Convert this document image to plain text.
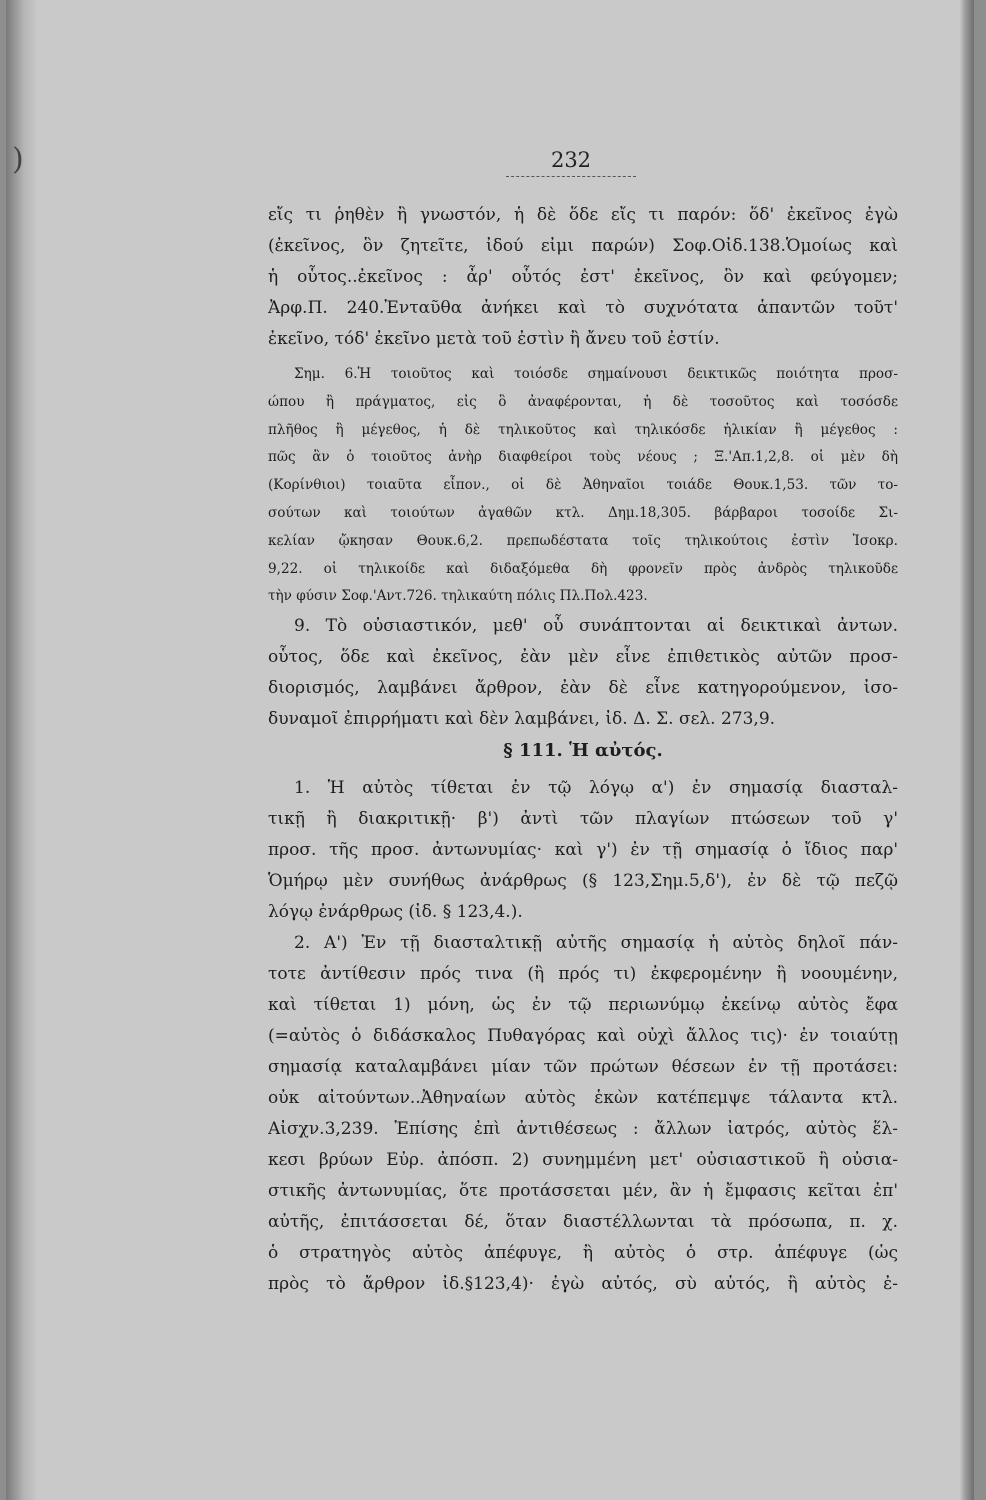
)	232
εἴς τι ῥηθὲν ἢ γνωστόν, ἡ δὲ ὅδε εἴς τι παρόν: ὅδ' ἐκεῖνος ἐγὼ
(ἐκεῖνος, ὃν ζητεῖτε, ἰδού εἰμι παρών) Σοφ.Οἰδ.138.Ὁμοίως καὶ
ἡ οὗτος..ἐκεῖνος : ἆρ' οὗτός ἐστ' ἐκεῖνος, ὃν καὶ φεύγομεν;
Ἀρφ.Π. 240.Ἐνταῦθα ἀνήκει καὶ τὸ συχνότατα ἁπαντῶν τοῦτ'
ἐκεῖνο, τόδ' ἐκεῖνο μετὰ τοῦ ἐστὶν ἢ ἄνευ τοῦ ἐστίν.
Σημ. 6.Ἡ τοιοῦτος καὶ τοιόσδε σημαίνουσι δεικτικῶς ποιότητα προσ-
ώπου ἢ πράγματος, εἰς ὃ ἀναφέρονται, ἡ δὲ τοσοῦτος καὶ τοσόσδε
πλῆθος ἢ μέγεθος, ἡ δὲ τηλικοῦτος καὶ τηλικόσδε ἡλικίαν ἢ μέγεθος :
πῶς ἂν ὁ τοιοῦτος ἀνὴρ διαφθείροι τοὺς νέους ; Ξ.'Απ.1,2,8. οἱ μὲν δὴ
(Κορίνθιοι) τοιαῦτα εἶπον., οἱ δὲ Ἀθηναῖοι τοιάδε Θουκ.1,53. τῶν το-
σούτων καὶ τοιούτων ἀγαθῶν κτλ. Δημ.18,305. βάρβαροι τοσοίδε Σι-
κελίαν ᾤκησαν Θουκ.6,2. πρεπωδέστατα τοῖς τηλικούτοις ἐστὶν Ἰσοκρ.
9,22. οἱ τηλικοίδε καὶ διδαξόμεθα δὴ φρονεῖν πρὸς ἀνδρὸς τηλικοῦδε
τὴν φύσιν Σοφ.'Αντ.726. τηλικαύτη πόλις Πλ.Πολ.423.
9. Τὸ οὐσιαστικόν, μεθ' οὗ συνάπτονται αἱ δεικτικαὶ ἀντων.
οὗτος, ὅδε καὶ ἐκεῖνος, ἐὰν μὲν εἶνε ἐπιθετικὸς αὐτῶν προσ-
διορισμός, λαμβάνει ἄρθρον, ἐὰν δὲ εἶνε κατηγορούμενον, ἰσο-
δυναμοῖ ἐπιρρήματι καὶ δὲν λαμβάνει, ἰδ. Δ. Σ. σελ. 273,9.
§ 111. Ἡ αὐτός.
1. Ἡ αὐτὸς τίθεται ἐν τῷ λόγῳ α') ἐν σημασίᾳ διασταλ-
τικῇ ἢ διακριτικῇ· β') ἀντὶ τῶν πλαγίων πτώσεων τοῦ γ'
προσ. τῆς προσ. ἀντωνυμίας· καὶ γ') ἐν τῇ σημασίᾳ ὁ ἴδιος παρ'
Ὁμήρῳ μὲν συνήθως ἀνάρθρως (§ 123,Σημ.5,δ'), ἐν δὲ τῷ πεζῷ
λόγῳ ἐνάρθρως (ἰδ. § 123,4.).
2. Α') Ἐν τῇ διασταλτικῇ αὐτῆς σημασίᾳ ἡ αὐτὸς δηλοῖ πάν-
τοτε ἀντίθεσιν πρός τινα (ἢ πρός τι) ἐκφερομένην ἢ νοουμένην,
καὶ τίθεται 1) μόνη, ὡς ἐν τῷ περιωνύμῳ ἐκείνῳ αὐτὸς ἔφα
(=αὐτὸς ὁ διδάσκαλος Πυθαγόρας καὶ οὐχὶ ἄλλος τις)· ἐν τοιαύτῃ
σημασίᾳ καταλαμβάνει μίαν τῶν πρώτων θέσεων ἐν τῇ προτάσει:
οὐκ αἰτούντων..Ἀθηναίων αὐτὸς ἑκὼν κατέπεμψε τάλαντα κτλ.
Αἰσχν.3,239. Ἐπίσης ἐπὶ ἀντιθέσεως : ἄλλων ἰατρός, αὐτὸς ἕλ-
κεσι βρύων Εὐρ. ἀπόσπ. 2) συνημμένη μετ' οὐσιαστικοῦ ἢ οὐσια-
στικῆς ἀντωνυμίας, ὅτε προτάσσεται μέν, ἂν ἡ ἔμφασις κεῖται ἐπ'
αὐτῆς, ἐπιτάσσεται δέ, ὅταν διαστέλλωνται τὰ πρόσωπα, π. χ.
ὁ στρατηγὸς αὐτὸς ἀπέφυγε, ἢ αὐτὸς ὁ στρ. ἀπέφυγε (ὡς
πρὸς τὸ ἄρθρον ἰδ.§123,4)· ἐγὼ αὐτός, σὺ αὐτός, ἢ αὐτὸς ἐ-
